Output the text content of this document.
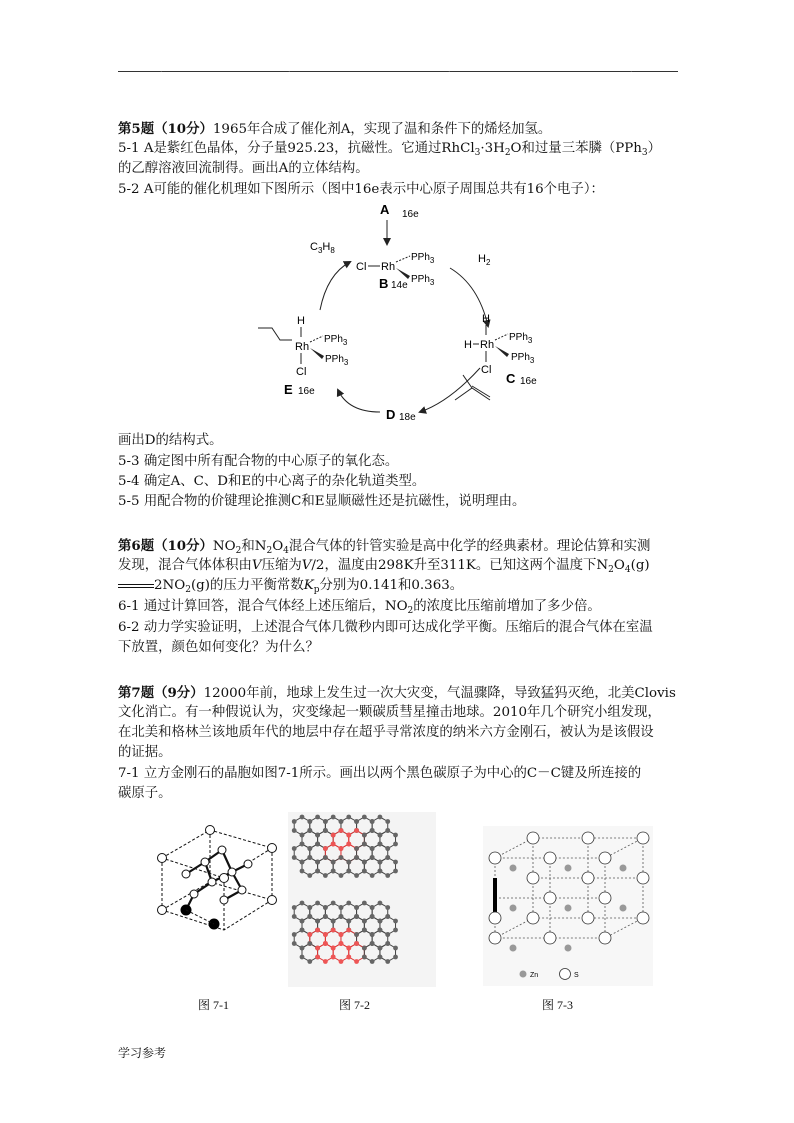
.	.	.	.
第5题（10分）1965年合成了催化剂A，实现了温和条件下的烯烃加氢。
5-1 A是紫红色晶体，分子量925.23，抗磁性。它通过$RhCl_3\cdot 3H_2O$和过量三苯膦（PPh$_3$）
的乙醇溶液回流制得。画出A的立体结构。
5-2 A可能的催化机理如下图所示（图中16e表示中心原子周围总共有16个电子）：
A 16e
Cl Rh
PPh$_3$
PPh$_3$
B 14e
$C_3H_8$
$H_2$
H
H Rh
PPh$_3$
PPh$_3$
Cl
C 16e
D 18e
H
Rh
PPh$_3$
PPh$_3$
Cl
E 16e
画出D的结构式。
5-3 确定图中所有配合物的中心原子的氧化态。
5-4 确定A、C、D和E的中心离子的杂化轨道类型。
5-5 用配合物的价键理论推测C和E显顺磁性还是抗磁性，说明理由。
第6题（10分）$NO_2$和$N_2O_4$混合气体的针管实验是高中化学的经典素材。理论估算和实测
发现，混合气体体积由V压缩为V/2，温度由298K升至311K。已知这两个温度下$N_2O_4(g)$
$2NO_2(g)$的压力平衡常数$K_p$分别为0.141和0.363。
6-1 通过计算回答，混合气体经上述压缩后，$NO_2$的浓度比压缩前增加了多少倍。
6-2 动力学实验证明，上述混合气体几微秒内即可达成化学平衡。压缩后的混合气体在室温
下放置，颜色如何变化？为什么？
第7题（9分）12000年前，地球上发生过一次大灾变，气温骤降，导致猛犸灭绝，北美Clovis
文化消亡。有一种假说认为，灾变缘起一颗碳质彗星撞击地球。2010年几个研究小组发现，
在北美和格林兰该地质年代的地层中存在超乎寻常浓度的纳米六方金刚石，被认为是该假设
的证据。
7-1 立方金刚石的晶胞如图7-1所示。画出以两个黑色碳原子为中心的C－C键及所连接的
碳原子。
Zn	S
图 7-1	图 7-2	图 7-3
学习参考
